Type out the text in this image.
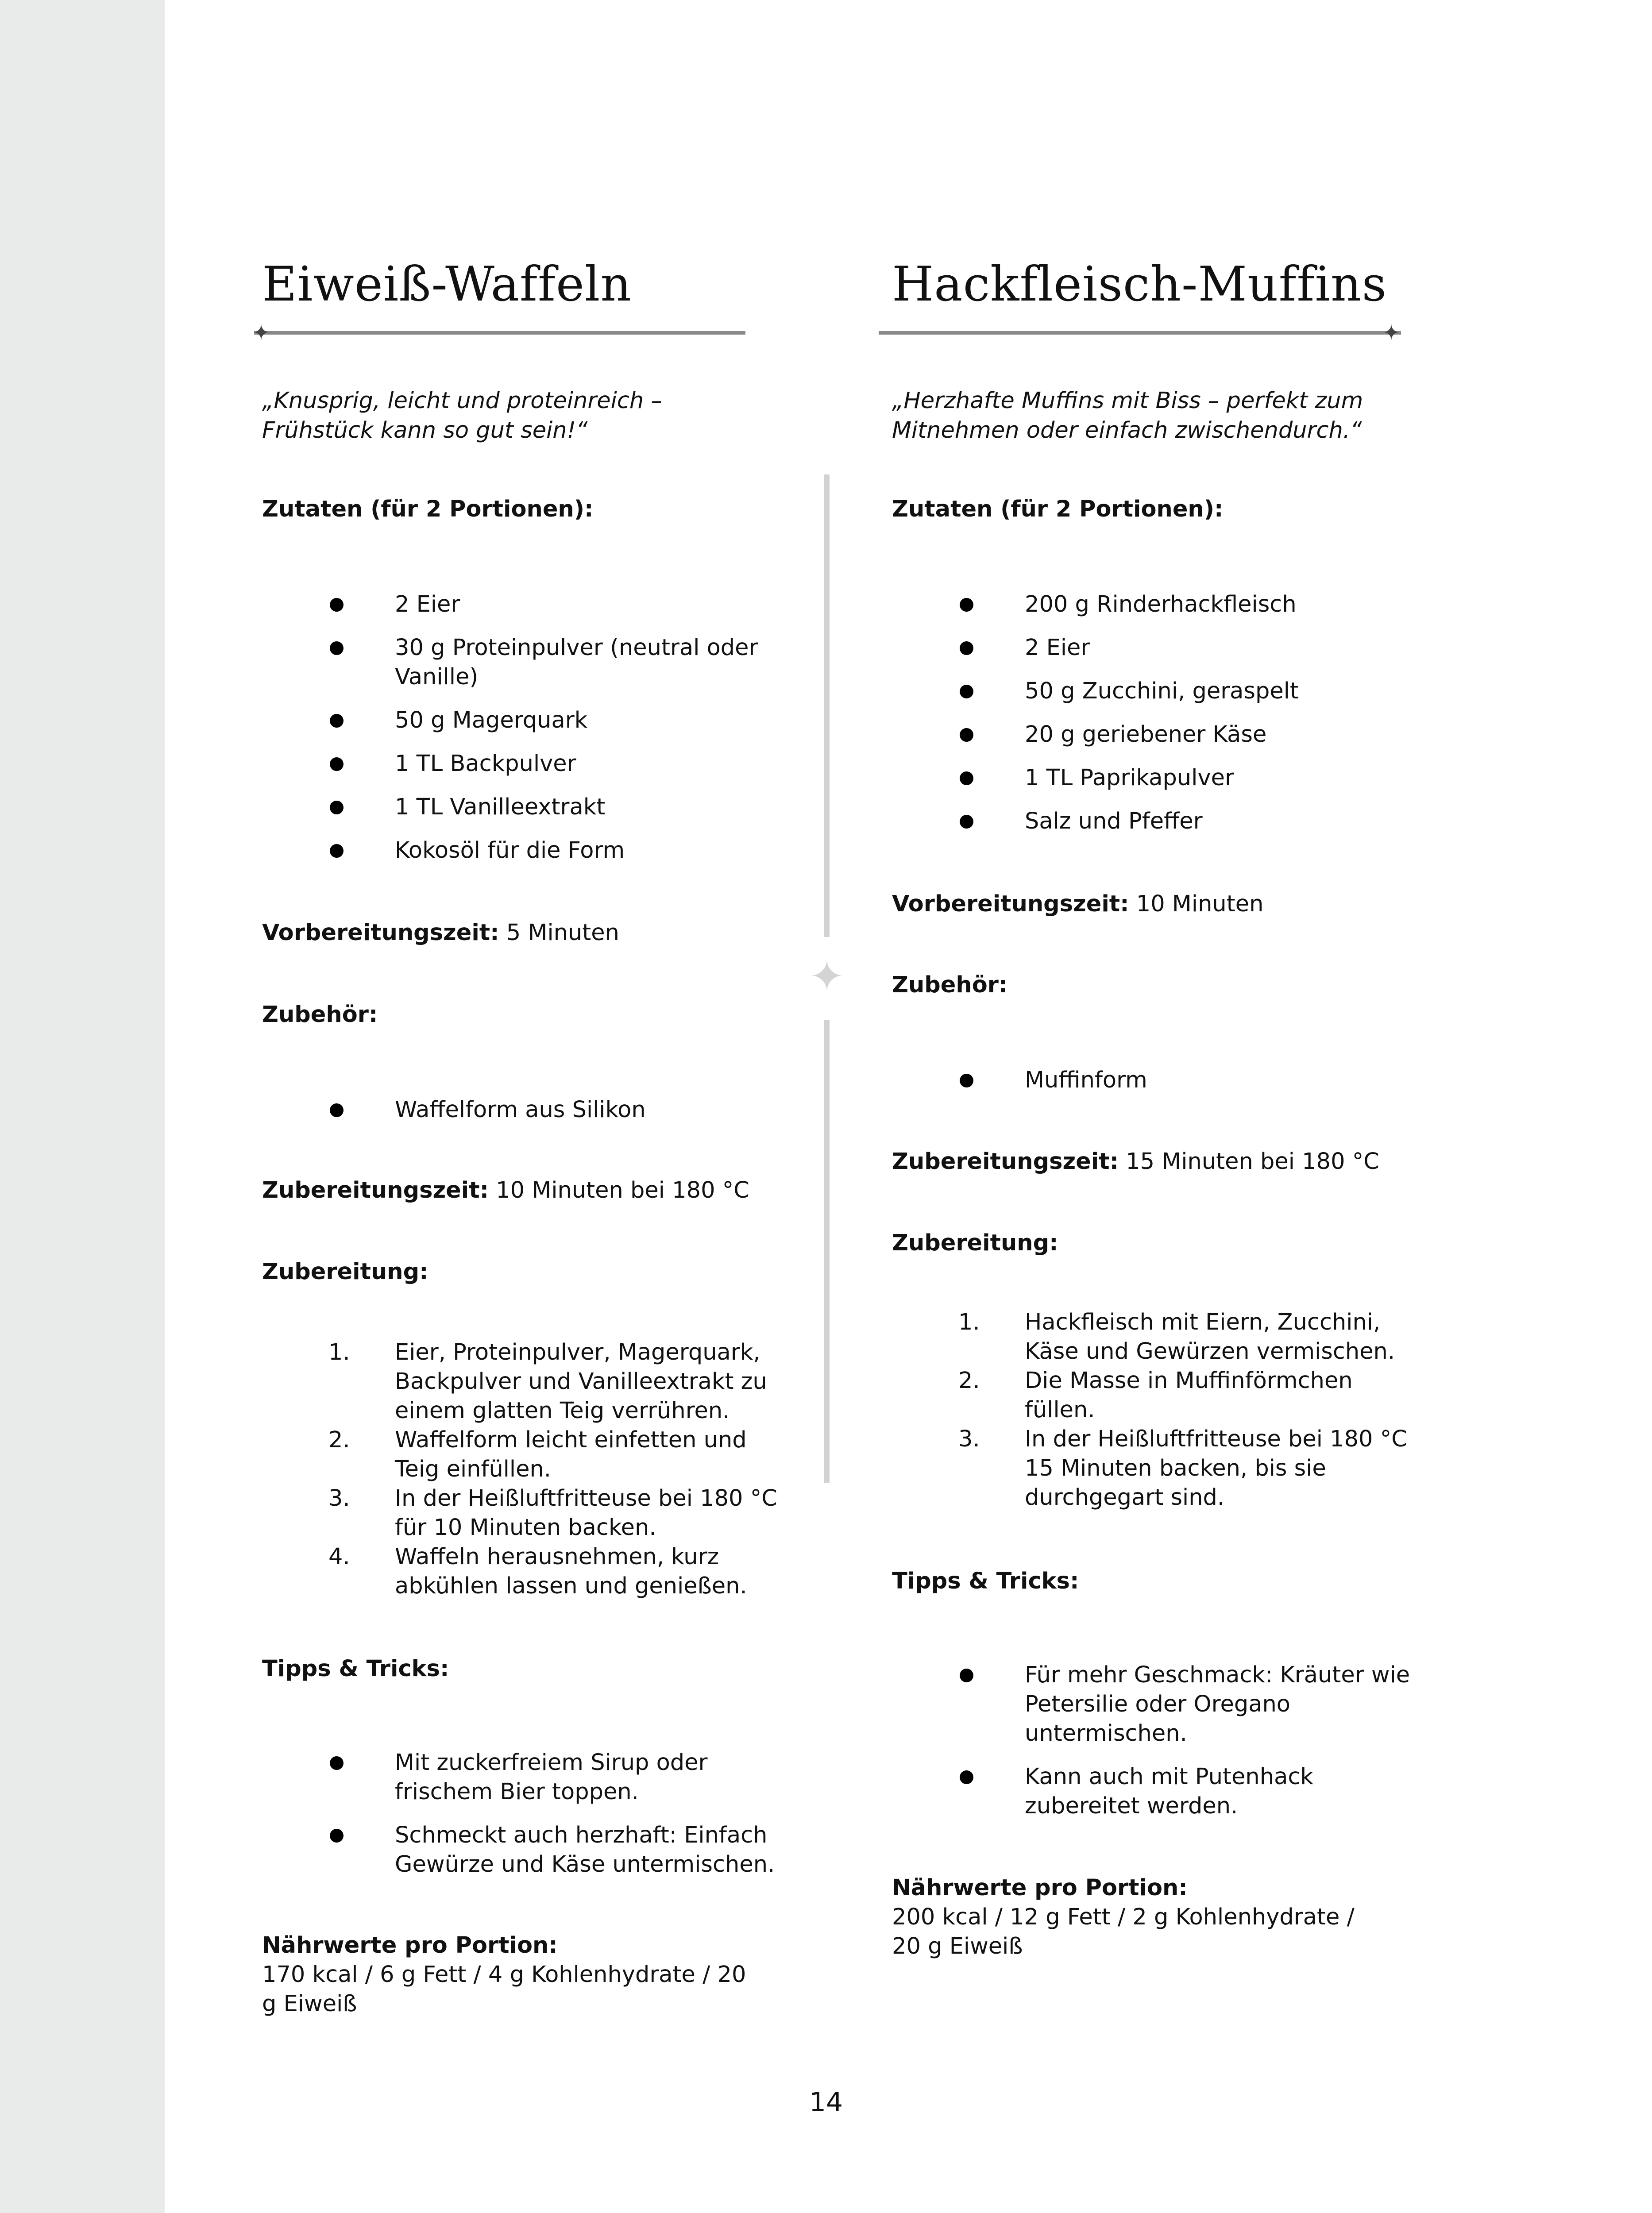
Eiweiß-Waffeln
✦

„Knusprig, leicht und proteinreich –
Frühstück kann so gut sein!“

Zutaten (für 2 Portionen):

2 Eier
30 g Proteinpulver (neutral oder Vanille)
50 g Magerquark
1 TL Backpulver
1 TL Vanilleextrakt
Kokosöl für die Form

Vorbereitungszeit: 5 Minuten

Zubehör:

Waffelform aus Silikon

Zubereitungszeit: 10 Minuten bei 180 °C

Zubereitung:

1. Eier, Proteinpulver, Magerquark, Backpulver und Vanilleextrakt zu einem glatten Teig verrühren.
2. Waffelform leicht einfetten und Teig einfüllen.
3. In der Heißluftfritteuse bei 180 °C für 10 Minuten backen.
4. Waffeln herausnehmen, kurz abkühlen lassen und genießen.

Tipps & Tricks:

Mit zuckerfreiem Sirup oder frischem Bier toppen.
Schmeckt auch herzhaft: Einfach Gewürze und Käse untermischen.

Nährwerte pro Portion:
170 kcal / 6 g Fett / 4 g Kohlenhydrate / 20
g Eiweiß

✦
Hackfleisch-Muffins
✦

„Herzhafte Muffins mit Biss – perfekt zum
Mitnehmen oder einfach zwischendurch.“

Zutaten (für 2 Portionen):

200 g Rinderhackfleisch
2 Eier
50 g Zucchini, geraspelt
20 g geriebener Käse
1 TL Paprikapulver
Salz und Pfeffer

Vorbereitungszeit: 10 Minuten

Zubehör:

Muffinform

Zubereitungszeit: 15 Minuten bei 180 °C

Zubereitung:

1. Hackfleisch mit Eiern, Zucchini, Käse und Gewürzen vermischen.
2. Die Masse in Muffinförmchen füllen.
3. In der Heißluftfritteuse bei 180 °C 15 Minuten backen, bis sie durchgegart sind.

Tipps & Tricks:

Für mehr Geschmack: Kräuter wie Petersilie oder Oregano untermischen.
Kann auch mit Putenhack zubereitet werden.

Nährwerte pro Portion:
200 kcal / 12 g Fett / 2 g Kohlenhydrate /
20 g Eiweiß

14
